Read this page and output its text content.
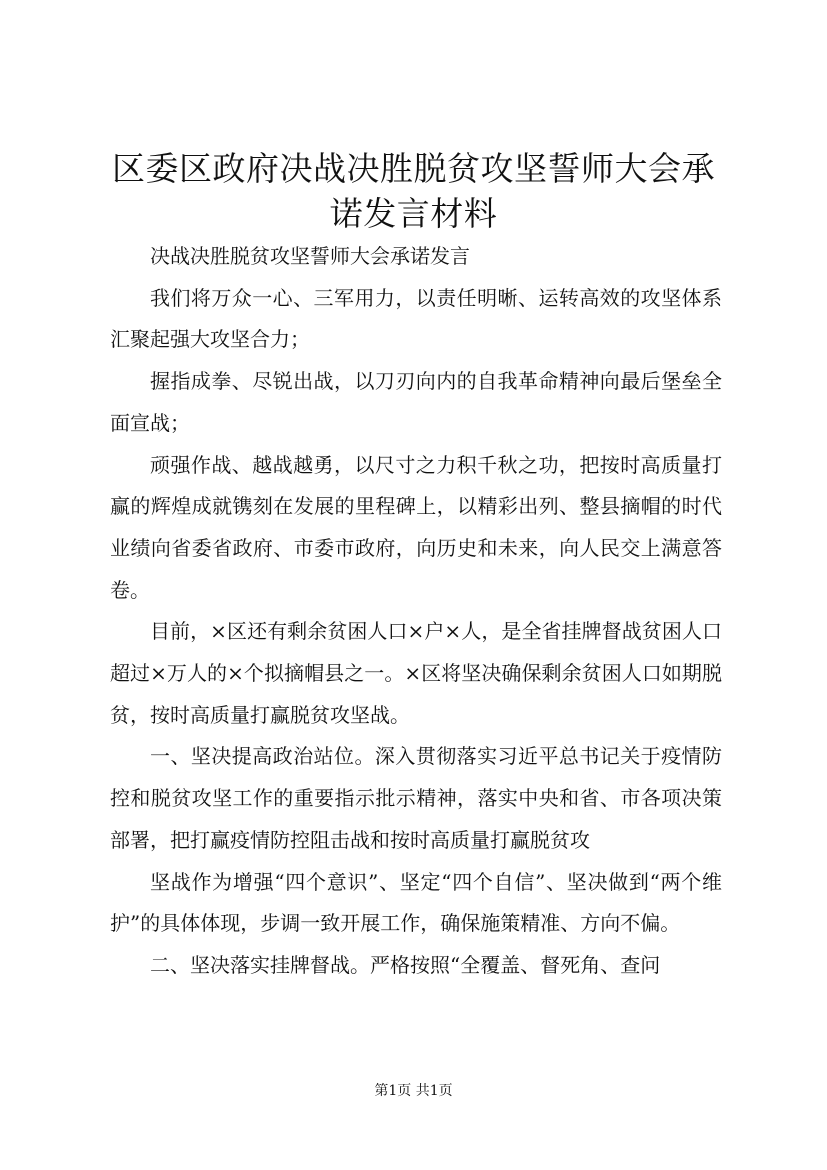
区委区政府决战决胜脱贫攻坚誓师大会承诺发言材料

决战决胜脱贫攻坚誓师大会承诺发言

我们将万众一心、三军用力，以责任明晰、运转高效的攻坚体系汇聚起强大攻坚合力；

握指成拳、尽锐出战，以刀刃向内的自我革命精神向最后堡垒全面宣战；

顽强作战、越战越勇，以尺寸之力积千秋之功，把按时高质量打赢的辉煌成就镌刻在发展的里程碑上，以精彩出列、整县摘帽的时代业绩向省委省政府、市委市政府，向历史和未来，向人民交上满意答卷。

目前，×区还有剩余贫困人口×户×人，是全省挂牌督战贫困人口超过×万人的×个拟摘帽县之一。×区将坚决确保剩余贫困人口如期脱贫，按时高质量打赢脱贫攻坚战。

一、坚决提高政治站位。深入贯彻落实习近平总书记关于疫情防控和脱贫攻坚工作的重要指示批示精神，落实中央和省、市各项决策部署，把打赢疫情防控阻击战和按时高质量打赢脱贫攻

坚战作为增强“四个意识”、坚定“四个自信”、坚决做到“两个维护”的具体体现，步调一致开展工作，确保施策精准、方向不偏。

二、坚决落实挂牌督战。严格按照“全覆盖、督死角、查问

第1页 共1页
